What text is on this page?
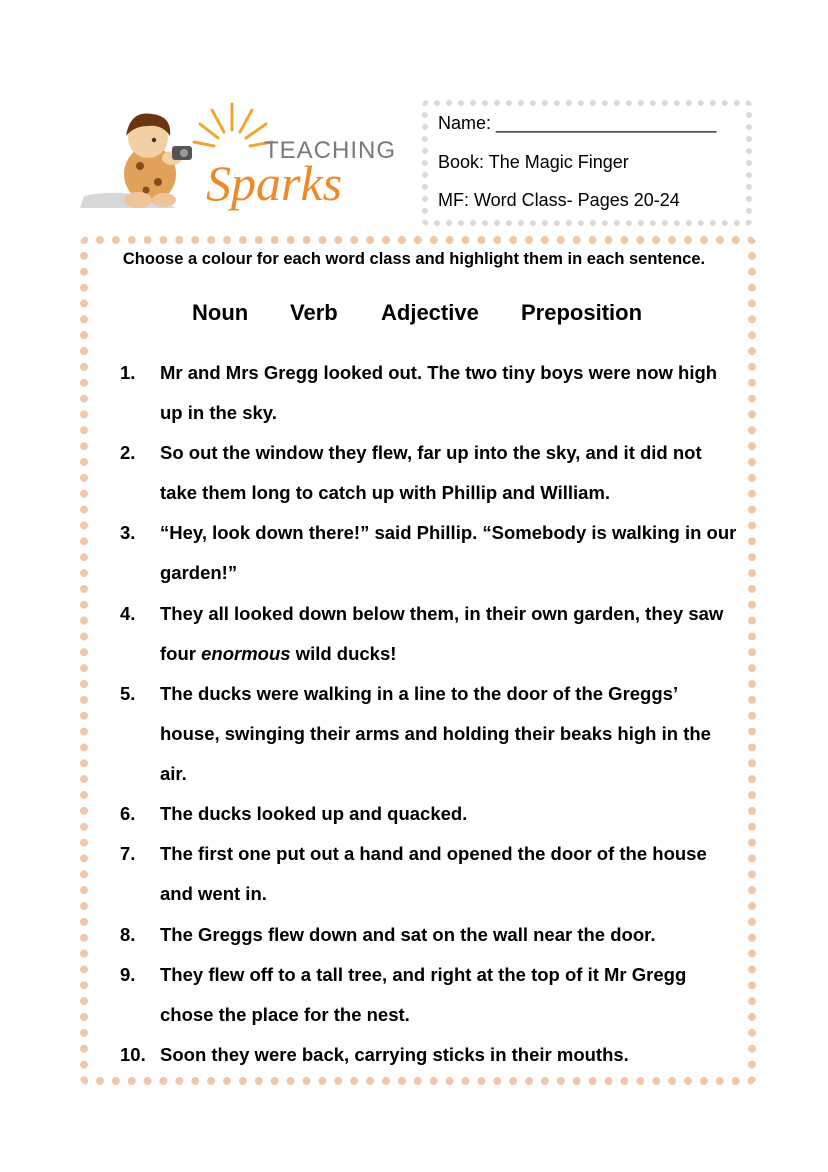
TEACHING
Sparks
Name: ______________________
Book: The Magic Finger
MF: Word Class- Pages 20-24
Choose a colour for each word class and highlight them in each sentence.
Noun Verb Adjective Preposition
1. Mr and Mrs Gregg looked out. The two tiny boys were now high up in the sky.
2. So out the window they flew, far up into the sky, and it did not take them long to catch up with Phillip and William.
3. “Hey, look down there!” said Phillip. “Somebody is walking in our garden!”
4. They all looked down below them, in their own garden, they saw four enormous wild ducks!
5. The ducks were walking in a line to the door of the Greggs’ house, swinging their arms and holding their beaks high in the air.
6. The ducks looked up and quacked.
7. The first one put out a hand and opened the door of the house and went in.
8. The Greggs flew down and sat on the wall near the door.
9. They flew off to a tall tree, and right at the top of it Mr Gregg chose the place for the nest.
10. Soon they were back, carrying sticks in their mouths.
